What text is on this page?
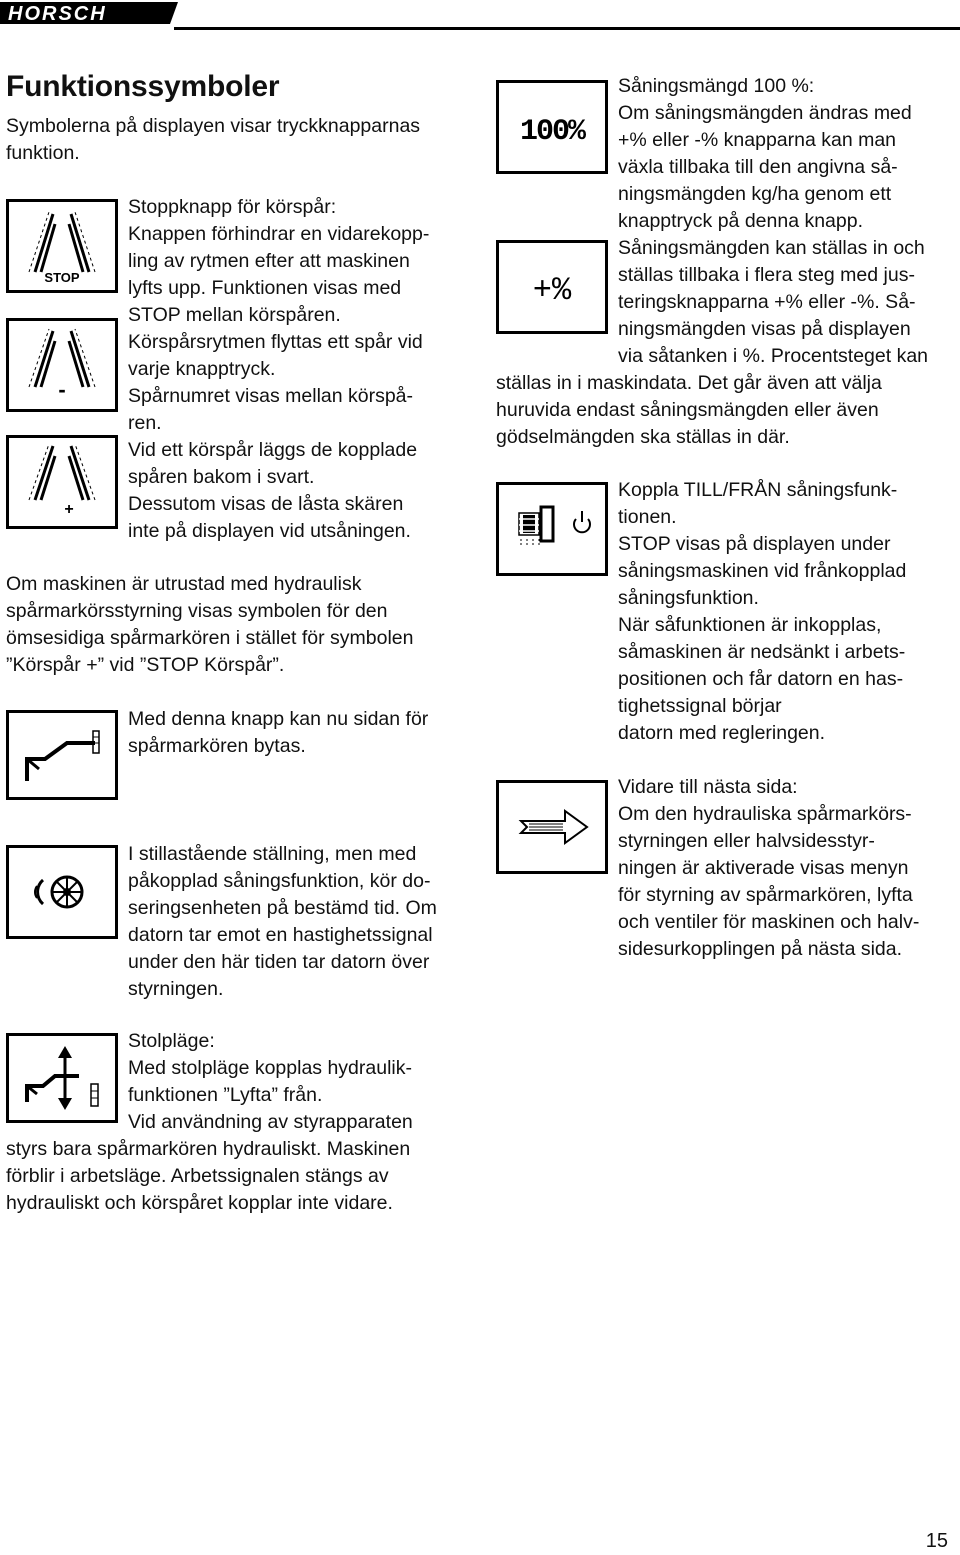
HORSCH	®
Funktionssymboler
Symbolerna på displayen visar tryckknapparnas
funktion.
STOP
-
+
Stoppknapp för körspår:
Knappen förhindrar en vidarekopp-
ling av rytmen efter att maskinen
lyfts upp. Funktionen visas med
STOP mellan körspåren.
Körspårsrytmen flyttas ett spår vid
varje knapptryck.
Spårnumret visas mellan körspå-
ren.
Vid ett körspår läggs de kopplade
spåren bakom i svart.
Dessutom visas de låsta skären
inte på displayen vid utsåningen.
Om maskinen är utrustad med hydraulisk
spårmarkörsstyrning visas symbolen för den
ömsesidiga spårmarkören i stället för symbolen
”Körspår +” vid ”STOP Körspår”.
Med denna knapp kan nu sidan för
spårmarkören bytas.
I stillastående ställning, men med
påkopplad såningsfunktion, kör do-
seringsenheten på bestämd tid. Om
datorn tar emot en hastighetssignal
under den här tiden tar datorn över
styrningen.
Stolpläge:
Med stolpläge kopplas hydraulik-
funktionen ”Lyfta” från.
Vid användning av styrapparaten
styrs bara spårmarkören hydrauliskt. Maskinen
förblir i arbetsläge. Arbetssignalen stängs av
hydrauliskt och körspåret kopplar inte vidare.
100%
+%
Såningsmängd 100 %:
Om såningsmängden ändras med
+% eller -% knapparna kan man
växla tillbaka till den angivna så-
ningsmängden kg/ha genom ett
knapptryck på denna knapp.
Såningsmängden kan ställas in och
ställas tillbaka i flera steg med jus-
teringsknapparna +% eller -%. Så-
ningsmängden visas på displayen
via såtanken i %. Procentsteget kan
ställas in i maskindata. Det går även att välja
huruvida endast såningsmängden eller även
gödselmängden ska ställas in där.
Koppla TILL/FRÅN såningsfunk-
tionen.
STOP visas på displayen under
såningsmaskinen vid frånkopplad
såningsfunktion.
När såfunktionen är inkopplas,
såmaskinen är nedsänkt i arbets-
positionen och får datorn en has-
tighetssignal börjar
datorn med regleringen.
Vidare till nästa sida:
Om den hydrauliska spårmarkörs-
styrningen eller halvsidesstyr-
ningen är aktiverade visas menyn
för styrning av spårmarkören, lyfta
och ventiler för maskinen och halv-
sidesurkopplingen på nästa sida.
15
